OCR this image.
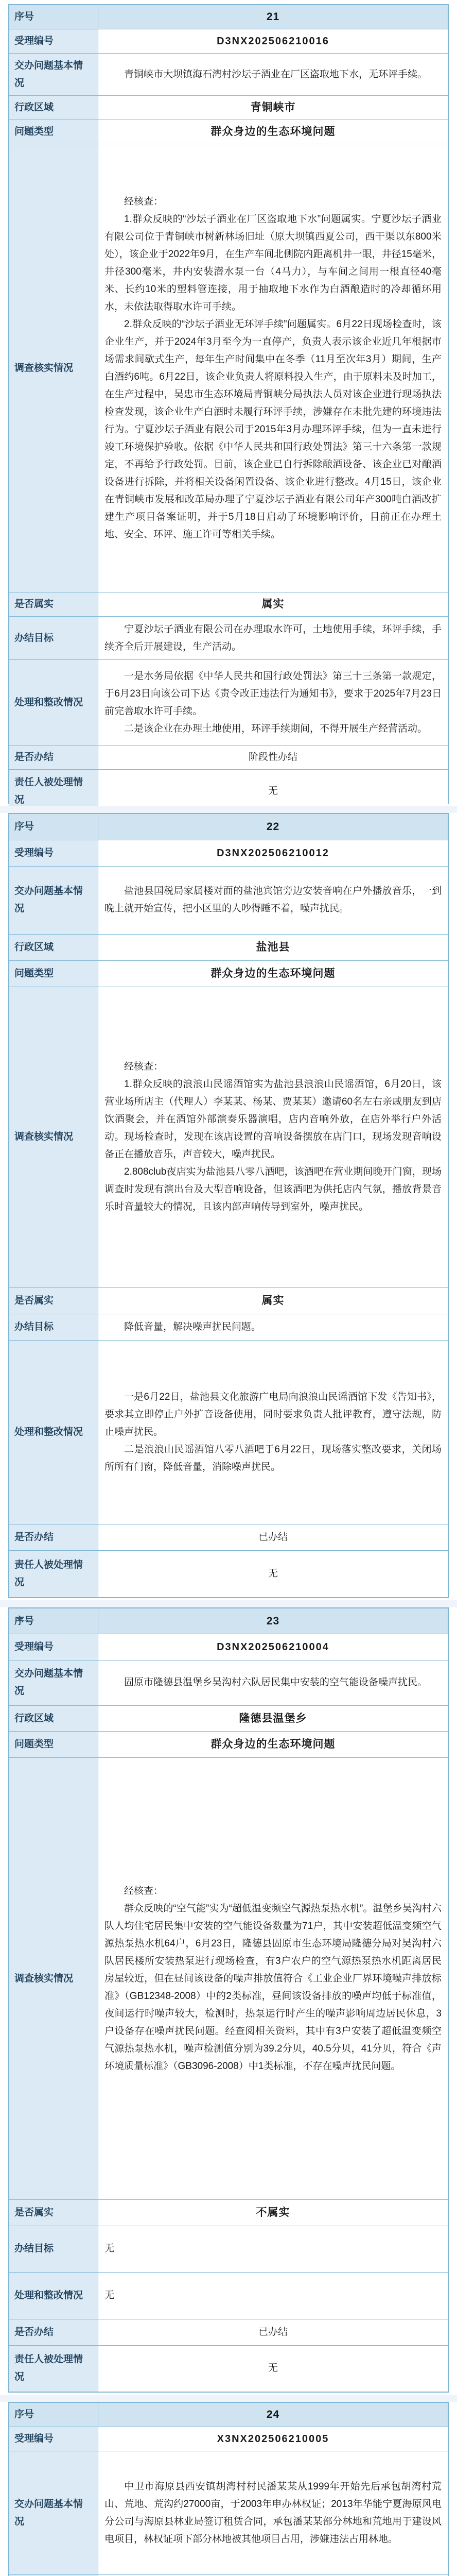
序号	21
受理编号	D3NX202506210016
交办问题基本情况	青铜峡市大坝镇海石湾村沙坛子酒业在厂区盗取地下水，无环评手续。
行政区域	青铜峡市
问题类型	群众身边的生态环境问题
调查核实情况	经核查：

1.群众反映的“沙坛子酒业在厂区盗取地下水”问题属实。宁夏沙坛子酒业有限公司位于青铜峡市树新林场旧址（原大坝镇西夏公司，西干渠以东800米处），该企业于2022年9月，在生产车间北侧院内距离机井一眼，井径15毫米，井径300毫米，井内安装潜水泵一台（4马力），与车间之间用一根直径40毫米、长约10米的塑料管连接，用于抽取地下水作为白酒酿造时的冷却循环用水，未依法取得取水许可手续。

2.群众反映的“沙坛子酒业无环评手续”问题属实。6月22日现场检查时，该企业生产，并于2024年3月至今为一直停产，负责人表示该企业近几年根据市场需求间歇式生产，每年生产时间集中在冬季（11月至次年3月）期间，生产白酒约6吨。6月22日，该企业负责人将原料投入生产，由于原料未及时加工，在生产过程中，吴忠市生态环境局青铜峡分局执法人员对该企业进行现场执法检查发现，该企业生产白酒时未履行环评手续，涉嫌存在未批先建的环境违法行为。宁夏沙坛子酒业有限公司于2015年3月办理环评手续，但为一直未进行竣工环境保护验收。依据《中华人民共和国行政处罚法》第三十六条第一款规定，不再给予行政处罚。目前，该企业已自行拆除酿酒设备、该企业已对酿酒设备进行拆除，并将相关设备闲置设备、该企业进行整改。4月15日，该企业在青铜峡市发展和改革局办理了宁夏沙坛子酒业有限公司年产300吨白酒改扩建生产项目备案证明，并于5月18日启动了环境影响评价，目前正在办理土地、安全、环评、施工许可等相关手续。

是否属实	属实
办结目标	宁夏沙坛子酒业有限公司在办理取水许可，土地使用手续，环评手续，手续齐全后开展建设，生产活动。
处理和整改情况	一是水务局依据《中华人民共和国行政处罚法》第三十三条第一款规定，于6月23日向该公司下达《责令改正违法行为通知书》，要求于2025年7月23日前完善取水许可手续。

二是该企业在办理土地使用，环评手续期间，不得开展生产经营活动。

是否办结	阶段性办结
责任人被处理情况	无
序号	22
受理编号	D3NX202506210012
交办问题基本情况	盐池县国税局家属楼对面的盐池宾馆旁边安装音响在户外播放音乐，一到晚上就开始宣传，把小区里的人吵得睡不着，噪声扰民。
行政区域	盐池县
问题类型	群众身边的生态环境问题
调查核实情况	经核查：

1.群众反映的浪浪山民谣酒馆实为盐池县浪浪山民谣酒馆，6月20日，该营业场所店主（代理人）李某某、杨某、贾某某）邀请60名左右亲戚朋友到店饮酒聚会，并在酒馆外部演奏乐器演唱，店内音响外放，在店外举行户外活动。现场检查时，发现在该店设置的音响设备摆放在店门口，现场发现音响设备正在播放音乐，声音较大，噪声扰民。

2.808club夜店实为盐池县八零八酒吧，该酒吧在营业期间晚开门窗，现场调查时发现有演出台及大型音响设备，但该酒吧为供托店内气氛，播放背景音乐时音量较大的情况，且该内部声响传导到室外，噪声扰民。

是否属实	属实
办结目标	降低音量，解决噪声扰民问题。
处理和整改情况	一是6月22日，盐池县文化旅游广电局向浪浪山民谣酒馆下发《告知书》，要求其立即停止户外扩音设备使用，同时要求负责人批评教育，遵守法规，防止噪声扰民。

二是浪浪山民谣酒馆八零八酒吧于6月22日，现场落实整改要求，关闭场所所有门窗，降低音量，消除噪声扰民。

是否办结	已办结
责任人被处理情况	无
序号	23
受理编号	D3NX202506210004
交办问题基本情况	固原市隆德县温堡乡吴沟村六队居民集中安装的空气能设备噪声扰民。
行政区域	隆德县温堡乡
问题类型	群众身边的生态环境问题
调查核实情况	经核查：

群众反映的“空气能”实为“超低温变频空气源热泵热水机”。温堡乡吴沟村六队人均住宅居民集中安装的空气能设备数量为71户，其中安装超低温变频空气源热泵热水机64户，6月23日，隆德县固原市生态环境局隆德分局对吴沟村六队居民楼所安装热泵进行现场检查，有3户农户的空气源热泵热水机距离居民房屋较近，但在昼间该设备的噪声排放值符合《工业企业厂界环境噪声排放标准》（GB12348-2008）中的2类标准，昼间该设备排放的噪声均低于标准值，夜间运行时噪声较大，检测时，热泵运行时产生的噪声影响周边居民休息，3户设备存在噪声扰民问题。经查阅相关资料，其中有3户安装了超低温变频空气源热泵热水机，噪声检测值分别为39.2分贝，40.5分贝，41分贝，符合《声环境质量标准》（GB3096-2008）中1类标准，不存在噪声扰民问题。

是否属实	不属实
办结目标	无
处理和整改情况	无

是否办结	已办结
责任人被处理情况	无
序号	24
受理编号	X3NX202506210005
交办问题基本情况	中卫市海原县西安镇胡湾村村民潘某某从1999年开始先后承包胡湾村荒山、荒地、荒沟约27000亩，于2003年申办林权证；2013年华能宁夏海原风电分公司与海原县林业局签订租赁合同，承包潘某某部分林地和荒地用于建设风电项目，林权证项下部分林地被其他项目占用，涉嫌违法占用林地。
